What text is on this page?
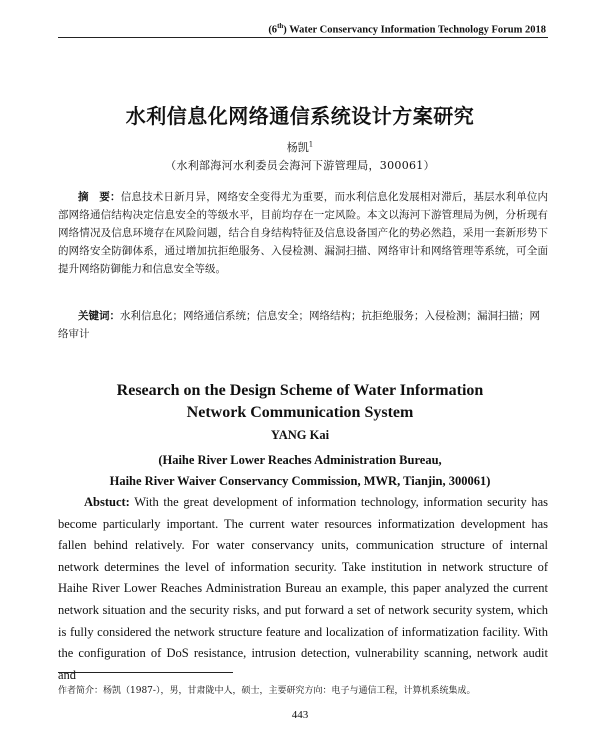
(6th) Water Conservancy Information Technology Forum 2018
水利信息化网络通信系统设计方案研究
杨凯$^1$
（水利部海河水利委员会海河下游管理局，300061）
摘　要：信息技术日新月异，网络安全变得尤为重要，而水利信息化发展相对滞后，基层水利单位内部网络通信结构决定信息安全的等级水平，目前均存在一定风险。本文以海河下游管理局为例，分析现有网络情况及信息环境存在风险问题，结合自身结构特征及信息设备国产化的势必然趋，采用一套新形势下的网络安全防御体系，通过增加抗拒绝服务、入侵检测、漏洞扫描、网络审计和网络管理等系统，可全面提升网络防御能力和信息安全等级。
关键词：水利信息化；网络通信系统；信息安全；网络结构；抗拒绝服务；入侵检测；漏洞扫描；网络审计
Research on the Design Scheme of Water Information
Network Communication System
YANG Kai
(Haihe River Lower Reaches Administration Bureau,
Haihe River Waiver Conservancy Commission, MWR, Tianjin, 300061)
Abstuct: With the great development of information technology, information security has become particularly important. The current water resources informatization development has fallen behind relatively. For water conservancy units, communication structure of internal network determines the level of information security. Take institution in network structure of Haihe River Lower Reaches Administration Bureau an example, this paper analyzed the current network situation and the security risks, and put forward a set of network security system, which is fully considered the network structure feature and localization of informatization facility. With the configuration of DoS resistance, intrusion detection, vulnerability scanning, network audit and
作者简介：杨凯（1987-），男，甘肃陇中人，硕士，主要研究方向：电子与通信工程，计算机系统集成。
443
